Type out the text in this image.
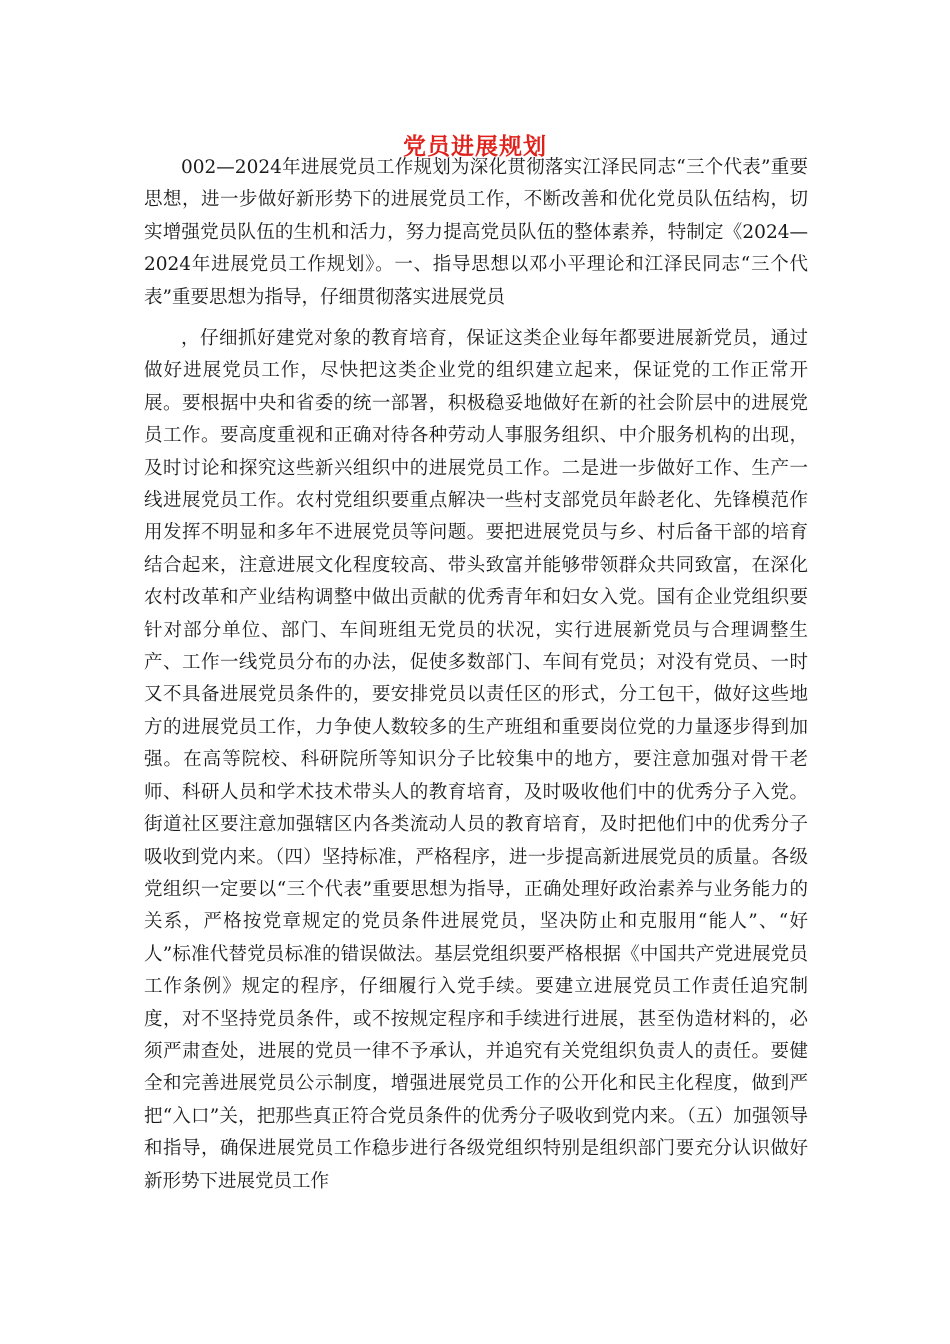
党员进展规划

002—2024年进展党员工作规划为深化贯彻落实江泽民同志“三个代表”重要思想，进一步做好新形势下的进展党员工作，不断改善和优化党员队伍结构，切实增强党员队伍的生机和活力，努力提高党员队伍的整体素养，特制定《2024—2024年进展党员工作规划》。一、指导思想以邓小平理论和江泽民同志“三个代表”重要思想为指导，仔细贯彻落实进展党员

，仔细抓好建党对象的教育培育，保证这类企业每年都要进展新党员，通过做好进展党员工作，尽快把这类企业党的组织建立起来，保证党的工作正常开展。要根据中央和省委的统一部署，积极稳妥地做好在新的社会阶层中的进展党员工作。要高度重视和正确对待各种劳动人事服务组织、中介服务机构的出现，及时讨论和探究这些新兴组织中的进展党员工作。二是进一步做好工作、生产一线进展党员工作。农村党组织要重点解决一些村支部党员年龄老化、先锋模范作用发挥不明显和多年不进展党员等问题。要把进展党员与乡、村后备干部的培育结合起来，注意进展文化程度较高、带头致富并能够带领群众共同致富，在深化农村改革和产业结构调整中做出贡献的优秀青年和妇女入党。国有企业党组织要针对部分单位、部门、车间班组无党员的状况，实行进展新党员与合理调整生产、工作一线党员分布的办法，促使多数部门、车间有党员；对没有党员、一时又不具备进展党员条件的，要安排党员以责任区的形式，分工包干，做好这些地方的进展党员工作，力争使人数较多的生产班组和重要岗位党的力量逐步得到加强。在高等院校、科研院所等知识分子比较集中的地方，要注意加强对骨干老师、科研人员和学术技术带头人的教育培育，及时吸收他们中的优秀分子入党。街道社区要注意加强辖区内各类流动人员的教育培育，及时把他们中的优秀分子吸收到党内来。（四）坚持标准，严格程序，进一步提高新进展党员的质量。各级党组织一定要以“三个代表”重要思想为指导，正确处理好政治素养与业务能力的关系，严格按党章规定的党员条件进展党员，坚决防止和克服用“能人”、“好人”标准代替党员标准的错误做法。基层党组织要严格根据《中国共产党进展党员工作条例》规定的程序，仔细履行入党手续。要建立进展党员工作责任追究制度，对不坚持党员条件，或不按规定程序和手续进行进展，甚至伪造材料的，必须严肃查处，进展的党员一律不予承认，并追究有关党组织负责人的责任。要健全和完善进展党员公示制度，增强进展党员工作的公开化和民主化程度，做到严把“入口”关，把那些真正符合党员条件的优秀分子吸收到党内来。（五）加强领导和指导，确保进展党员工作稳步进行各级党组织特别是组织部门要充分认识做好新形势下进展党员工作
